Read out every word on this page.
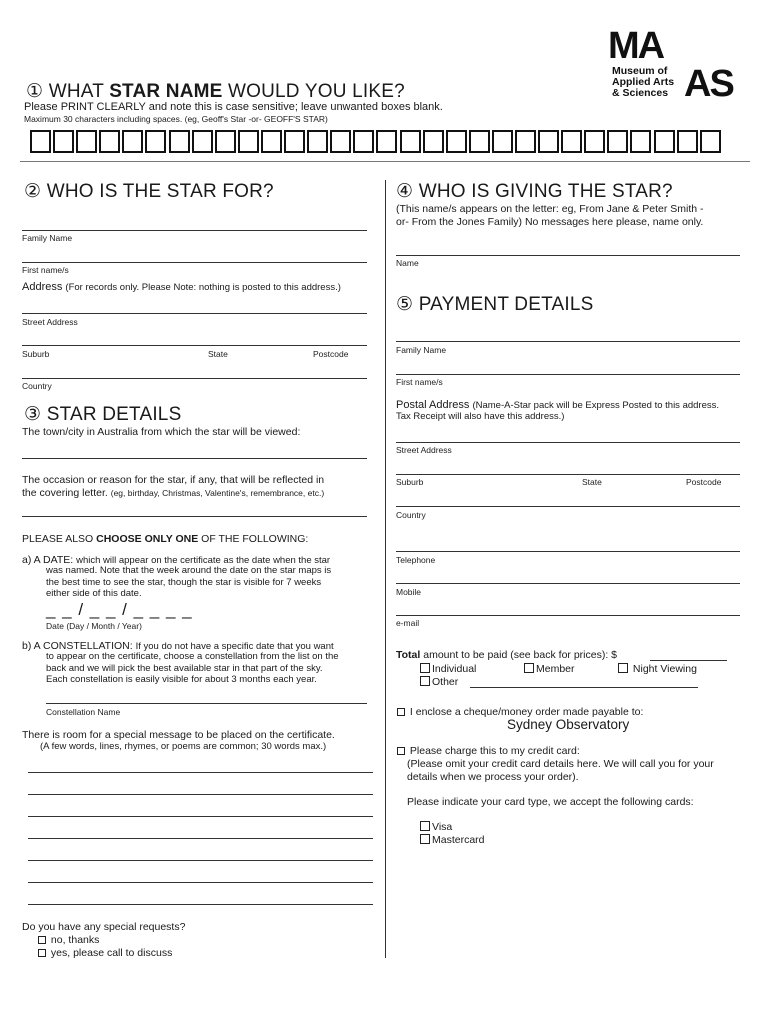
MA
Museum of
Applied Arts
& Sciences AS
① WHAT STAR NAME WOULD YOU LIKE?
Please PRINT CLEARLY and note this is case sensitive; leave unwanted boxes blank.
Maximum 30 characters including spaces. (eg, Geoff's Star -or- GEOFF'S STAR)
② WHO IS THE STAR FOR?
Family Name
First name/s
Address (For records only. Please Note: nothing is posted to this address.)
Street Address
Suburb	State	Postcode
Country
③ STAR DETAILS
The town/city in Australia from which the star will be viewed:
The occasion or reason for the star, if any, that will be reflected in
the covering letter. (eg, birthday, Christmas, Valentine's, remembrance, etc.)
PLEASE ALSO CHOOSE ONLY ONE OF THE FOLLOWING:
a) A DATE: which will appear on the certificate as the date when the star
was named. Note that the week around the date on the star maps is
the best time to see the star, though the star is visible for 7 weeks
either side of this date.
_ _ / _ _ / _ _ _ _
Date (Day / Month / Year)
b) A CONSTELLATION: If you do not have a specific date that you want
to appear on the certificate, choose a constellation from the list on the
back and we will pick the best available star in that part of the sky.
Each constellation is easily visible for about 3 months each year.
Constellation Name
There is room for a special message to be placed on the certificate.
(A few words, lines, rhymes, or poems are common; 30 words max.)
Do you have any special requests?
no, thanks
yes, please call to discuss
④ WHO IS GIVING THE STAR?
(This name/s appears on the letter: eg, From Jane & Peter Smith -
or- From the Jones Family) No messages here please, name only.
Name
⑤ PAYMENT DETAILS
Family Name
First name/s
Postal Address (Name-A-Star pack will be Express Posted to this address.
Tax Receipt will also have this address.)
Street Address
Suburb	State	Postcode
Country
Telephone
Mobile
e-mail
Total amount to be paid (see back for prices): $
Individual	Member	Night Viewing
Other
I enclose a cheque/money order made payable to:
Sydney Observatory
Please charge this to my credit card:
(Please omit your credit card details here. We will call you for your
details when we process your order).
Please indicate your card type, we accept the following cards:
Visa
Mastercard
